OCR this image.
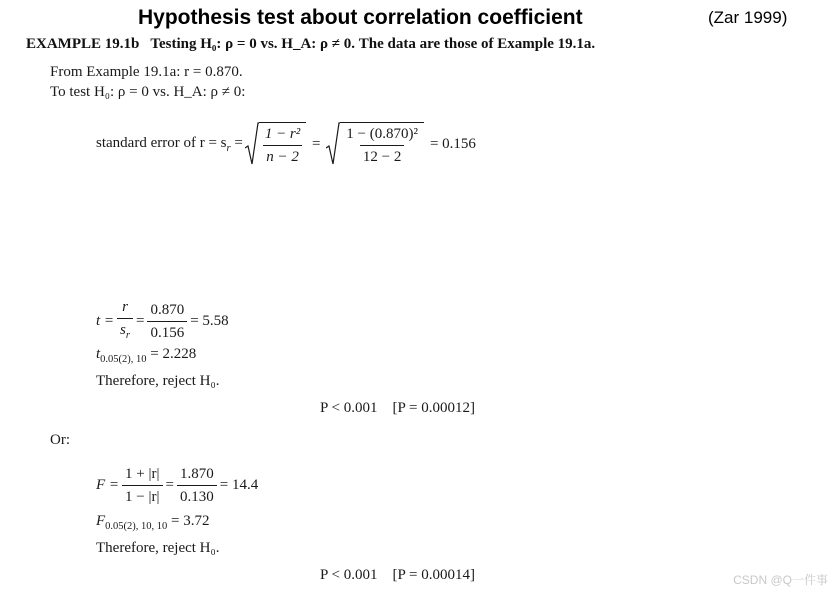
Hypothesis test about correlation coefficient	(Zar 1999)
EXAMPLE 19.1b Testing H₀: ρ = 0 vs. H_A: ρ ≠ 0. The data are those of Example 19.1a.
From Example 19.1a: r = 0.870.
To test H₀: ρ = 0 vs. H_A: ρ ≠ 0:
standard error of $r = s_r = \frac{\text{1 − r²}}{n - 2} = \frac{\text{1 − (0.870)²}}{12 - 2} = 0.156$
$t = \frac{r}{s_r} = \frac{0.870}{0.156} = 5.58$
$t_{0.05(2), 10} = 2.228$
Therefore, reject H₀.
P < 0.001    [P = 0.00012]
Or:
$F = \frac{1 + |r|}{1 - |r|} = \frac{1.870}{0.130} = 14.4$
$F_{0.05(2), 10, 10} = 3.72$
Therefore, reject H₀.
P < 0.001    [P = 0.00014]	CSDN @Q一件事
